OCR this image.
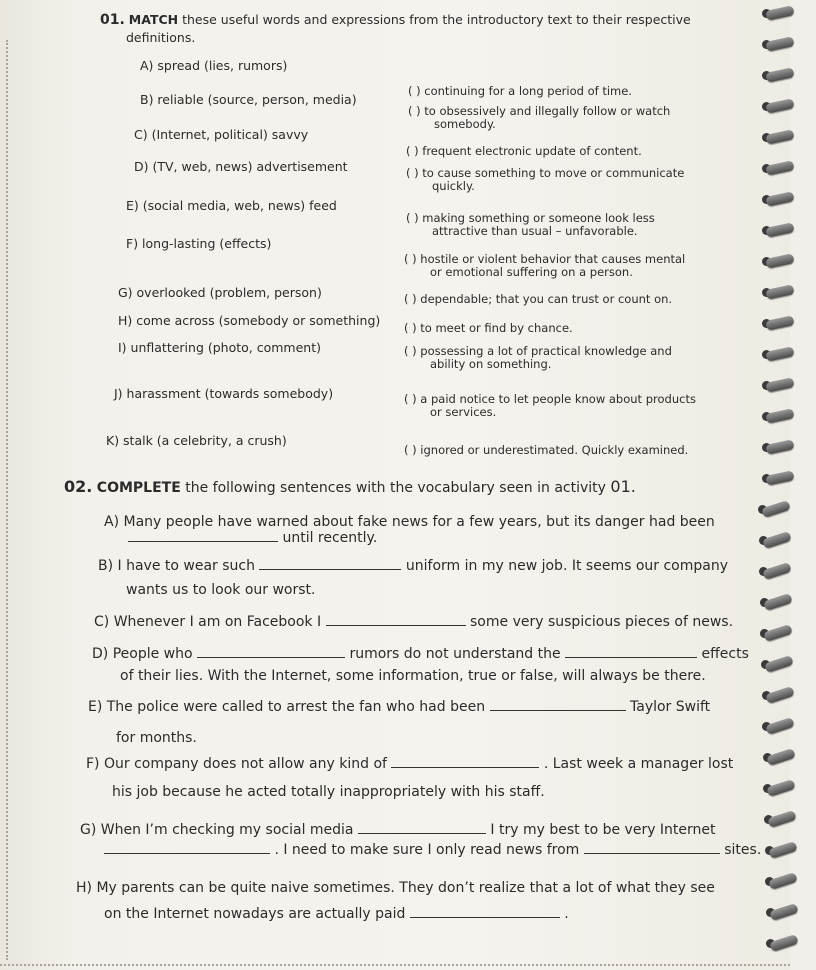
01. MATCH these useful words and expressions from the introductory text to their respective
definitions.
A) spread (lies, rumors)
B) reliable (source, person, media)
C) (Internet, political) savvy
D) (TV, web, news) advertisement
E) (social media, web, news) feed
F) long-lasting (effects)
G) overlooked (problem, person)
H) come across (somebody or something)
I) unflattering (photo, comment)
J) harassment (towards somebody)
K) stalk (a celebrity, a crush)
( ) continuing for a long period of time.
( ) to obsessively and illegally follow or watch
somebody.
( ) frequent electronic update of content.
( ) to cause something to move or communicate
quickly.
( ) making something or someone look less
attractive than usual – unfavorable.
( ) hostile or violent behavior that causes mental
or emotional suffering on a person.
( ) dependable; that you can trust or count on.
( ) to meet or find by chance.
( ) possessing a lot of practical knowledge and
ability on something.
( ) a paid notice to let people know about products
or services.
( ) ignored or underestimated. Quickly examined.
02. COMPLETE the following sentences with the vocabulary seen in activity 01.
A) Many people have warned about fake news for a few years, but its danger had been
until recently.
B) I have to wear such	uniform in my new job. It seems our company
wants us to look our worst.
C) Whenever I am on Facebook I	some very suspicious pieces of news.
D) People who	rumors do not understand the	effects
of their lies. With the Internet, some information, true or false, will always be there.
E) The police were called to arrest the fan who had been	Taylor Swift
for months.
F) Our company does not allow any kind of	. Last week a manager lost
his job because he acted totally inappropriately with his staff.
G) When I’m checking my social media	I try my best to be very Internet
. I need to make sure I only read news from	sites.
H) My parents can be quite naive sometimes. They don’t realize that a lot of what they see
on the Internet nowadays are actually paid	.
